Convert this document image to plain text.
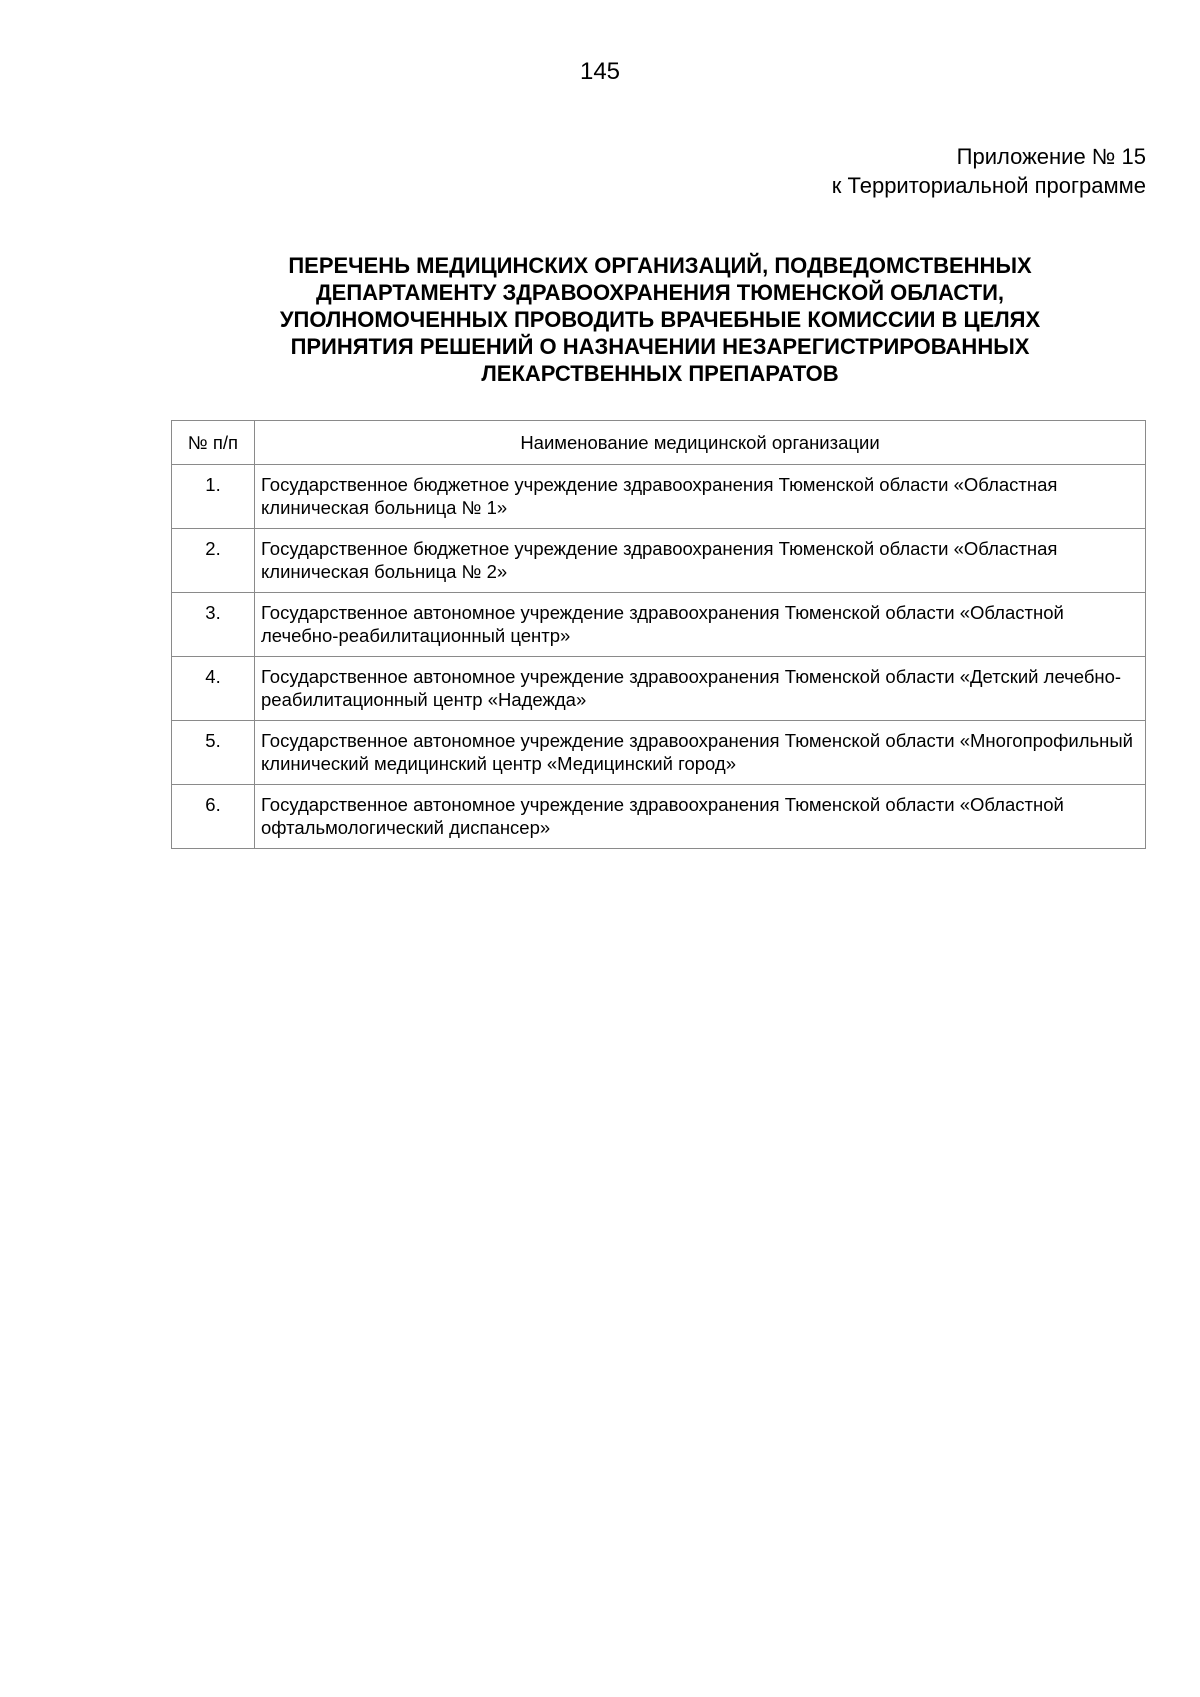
145
Приложение № 15
к Территориальной программе
ПЕРЕЧЕНЬ МЕДИЦИНСКИХ ОРГАНИЗАЦИЙ, ПОДВЕДОМСТВЕННЫХ
ДЕПАРТАМЕНТУ ЗДРАВООХРАНЕНИЯ ТЮМЕНСКОЙ ОБЛАСТИ,
УПОЛНОМОЧЕННЫХ ПРОВОДИТЬ ВРАЧЕБНЫЕ КОМИССИИ В ЦЕЛЯХ
ПРИНЯТИЯ РЕШЕНИЙ О НАЗНАЧЕНИИ НЕЗАРЕГИСТРИРОВАННЫХ
ЛЕКАРСТВЕННЫХ ПРЕПАРАТОВ
№ п/п	Наименование медицинской организации
1.	Государственное бюджетное учреждение здравоохранения Тюменской области «Областная клиническая больница № 1»
2.	Государственное бюджетное учреждение здравоохранения Тюменской области «Областная клиническая больница № 2»
3.	Государственное автономное учреждение здравоохранения Тюменской области «Областной лечебно-реабилитационный центр»
4.	Государственное автономное учреждение здравоохранения Тюменской области «Детский лечебно-реабилитационный центр «Надежда»
5.	Государственное автономное учреждение здравоохранения Тюменской области «Многопрофильный клинический медицинский центр «Медицинский город»
6.	Государственное автономное учреждение здравоохранения Тюменской области «Областной офтальмологический диспансер»
